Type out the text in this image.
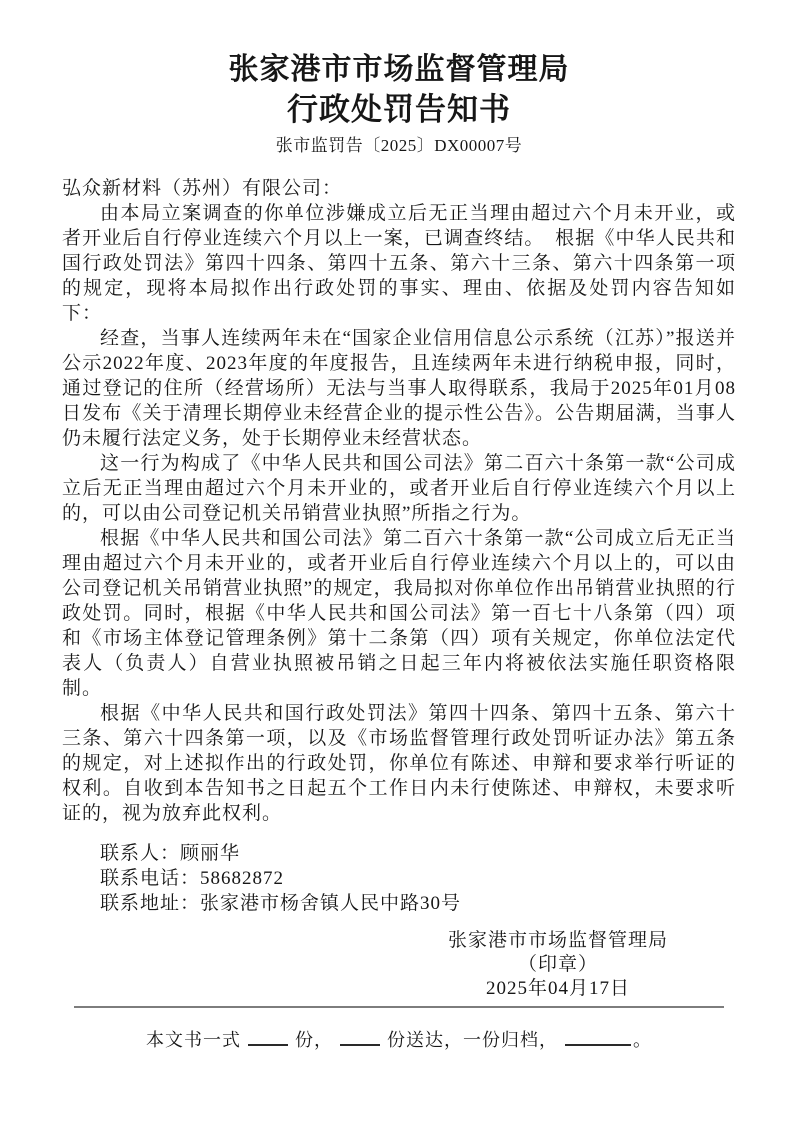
张家港市市场监督管理局
行政处罚告知书
张市监罚告〔2025〕DX00007号

弘众新材料（苏州）有限公司：

由本局立案调查的你单位涉嫌成立后无正当理由超过六个月未开业，或者开业后自行停业连续六个月以上一案，已调查终结。　根据《中华人民共和国行政处罚法》第四十四条、第四十五条、第六十三条、第六十四条第一项的规定，现将本局拟作出行政处罚的事实、理由、依据及处罚内容告知如下：

经查，当事人连续两年未在“国家企业信用信息公示系统（江苏）”报送并公示2022年度、2023年度的年度报告，且连续两年未进行纳税申报，同时，通过登记的住所（经营场所）无法与当事人取得联系，我局于2025年01月08日发布《关于清理长期停业未经营企业的提示性公告》。公告期届满，当事人仍未履行法定义务，处于长期停业未经营状态。

这一行为构成了《中华人民共和国公司法》第二百六十条第一款“公司成立后无正当理由超过六个月未开业的，或者开业后自行停业连续六个月以上的，可以由公司登记机关吊销营业执照”所指之行为。

根据《中华人民共和国公司法》第二百六十条第一款“公司成立后无正当理由超过六个月未开业的，或者开业后自行停业连续六个月以上的，可以由公司登记机关吊销营业执照”的规定，我局拟对你单位作出吊销营业执照的行政处罚。同时，根据《中华人民共和国公司法》第一百七十八条第（四）项和《市场主体登记管理条例》第十二条第（四）项有关规定，你单位法定代表人（负责人）自营业执照被吊销之日起三年内将被依法实施任职资格限制。

根据《中华人民共和国行政处罚法》第四十四条、第四十五条、第六十三条、第六十四条第一项，以及《市场监督管理行政处罚听证办法》第五条的规定，对上述拟作出的行政处罚，你单位有陈述、申辩和要求举行听证的权利。自收到本告知书之日起五个工作日内未行使陈述、申辩权，未要求听证的，视为放弃此权利。

联系人：顾丽华

联系电话：58682872

联系地址：张家港市杨舍镇人民中路30号

张家港市市场监督管理局

（印章）

2025年04月17日

本文书一式	份，	份送达，一份归档，	。
